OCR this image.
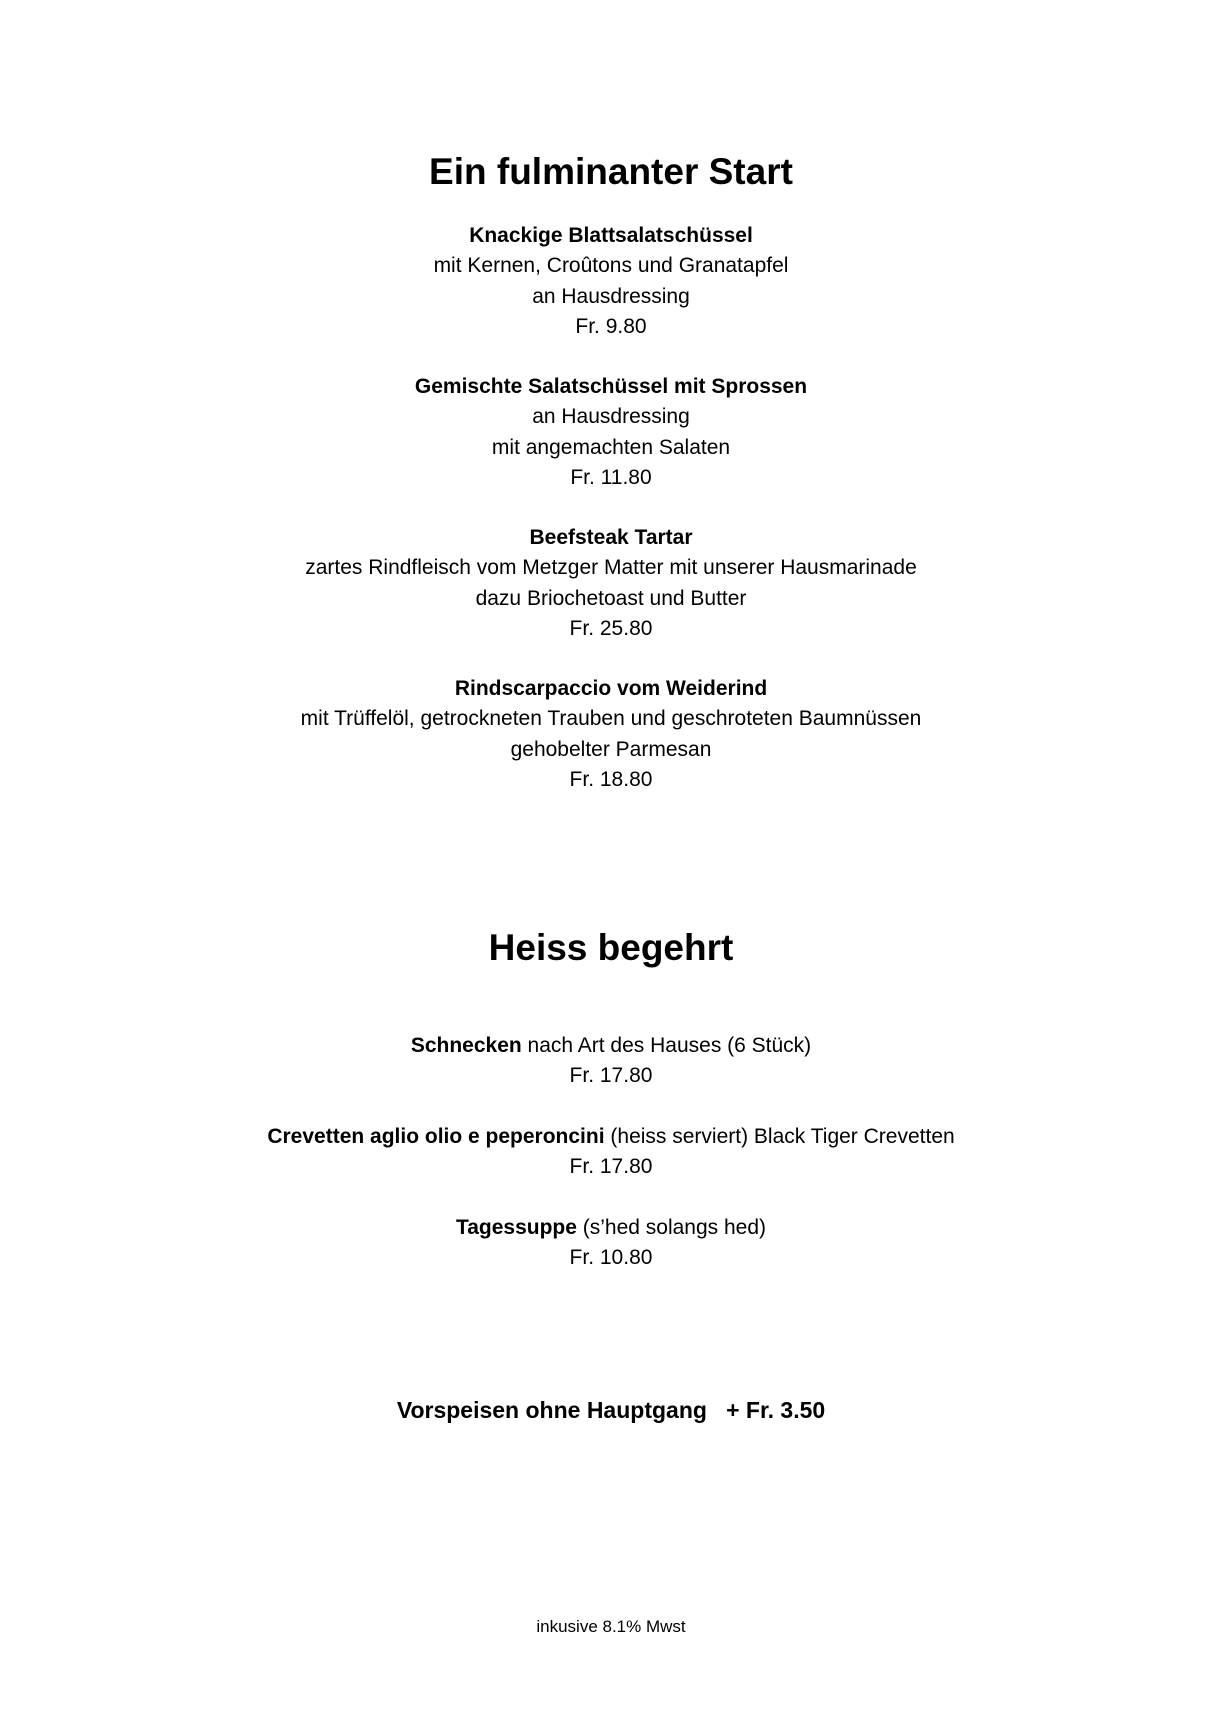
Ein fulminanter Start
Knackige Blattsalatschüssel
mit Kernen, Croûtons und Granatapfel
an Hausdressing
Fr. 9.80
Gemischte Salatschüssel mit Sprossen
an Hausdressing
mit angemachten Salaten
Fr. 11.80
Beefsteak Tartar
zartes Rindfleisch vom Metzger Matter mit unserer Hausmarinade
dazu Briochetoast und Butter
Fr. 25.80
Rindscarpaccio vom Weiderind
mit Trüffelöl, getrockneten Trauben und geschroteten Baumnüssen
gehobelter Parmesan
Fr. 18.80
Heiss begehrt
Schnecken nach Art des Hauses (6 Stück)
Fr. 17.80
Crevetten aglio olio e peperoncini (heiss serviert) Black Tiger Crevetten
Fr. 17.80
Tagessuppe (s’hed solangs hed)
Fr. 10.80
Vorspeisen ohne Hauptgang   + Fr. 3.50
inkusive 8.1% Mwst
